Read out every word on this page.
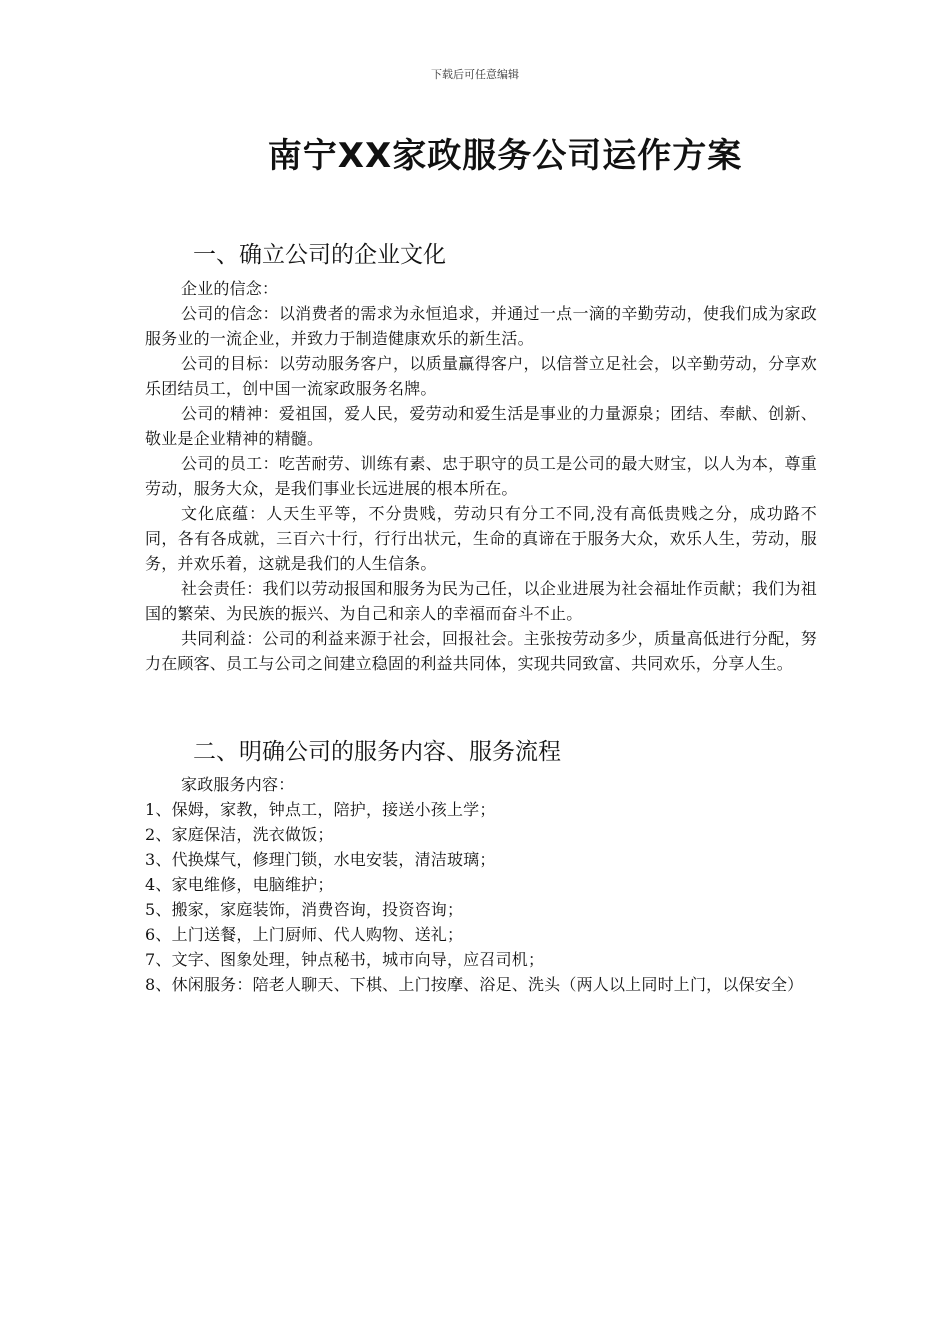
下载后可任意编辑
南宁XX家政服务公司运作方案
一、确立公司的企业文化

企业的信念：

公司的信念：以消费者的需求为永恒追求，并通过一点一滴的辛勤劳动，使我们成为家政服务业的一流企业，并致力于制造健康欢乐的新生活。

公司的目标：以劳动服务客户，以质量赢得客户，以信誉立足社会，以辛勤劳动，分享欢乐团结员工，创中国一流家政服务名牌。

公司的精神：爱祖国，爱人民，爱劳动和爱生活是事业的力量源泉；团结、奉献、创新、敬业是企业精神的精髓。

公司的员工：吃苦耐劳、训练有素、忠于职守的员工是公司的最大财宝，以人为本，尊重劳动，服务大众，是我们事业长远进展的根本所在。

文化底蕴：人天生平等，不分贵贱，劳动只有分工不同,没有高低贵贱之分，成功路不同，各有各成就，三百六十行，行行出状元，生命的真谛在于服务大众，欢乐人生，劳动，服务，并欢乐着，这就是我们的人生信条。

社会责任：我们以劳动报国和服务为民为己任，以企业进展为社会福址作贡献；我们为祖国的繁荣、为民族的振兴、为自己和亲人的幸福而奋斗不止。

共同利益：公司的利益来源于社会，回报社会。主张按劳动多少，质量高低进行分配，努力在顾客、员工与公司之间建立稳固的利益共同体，实现共同致富、共同欢乐，分享人生。

二、明确公司的服务内容、服务流程

家政服务内容：

1、保姆，家教，钟点工，陪护，接送小孩上学；

2、家庭保洁，洗衣做饭；

3、代换煤气，修理门锁，水电安装，清洁玻璃；

4、家电维修，电脑维护；

5、搬家，家庭装饰，消费咨询，投资咨询；

6、上门送餐，上门厨师、代人购物、送礼；

7、文字、图象处理，钟点秘书，城市向导，应召司机；

8、休闲服务：陪老人聊天、下棋、上门按摩、浴足、洗头（两人以上同时上门，以保安全）
